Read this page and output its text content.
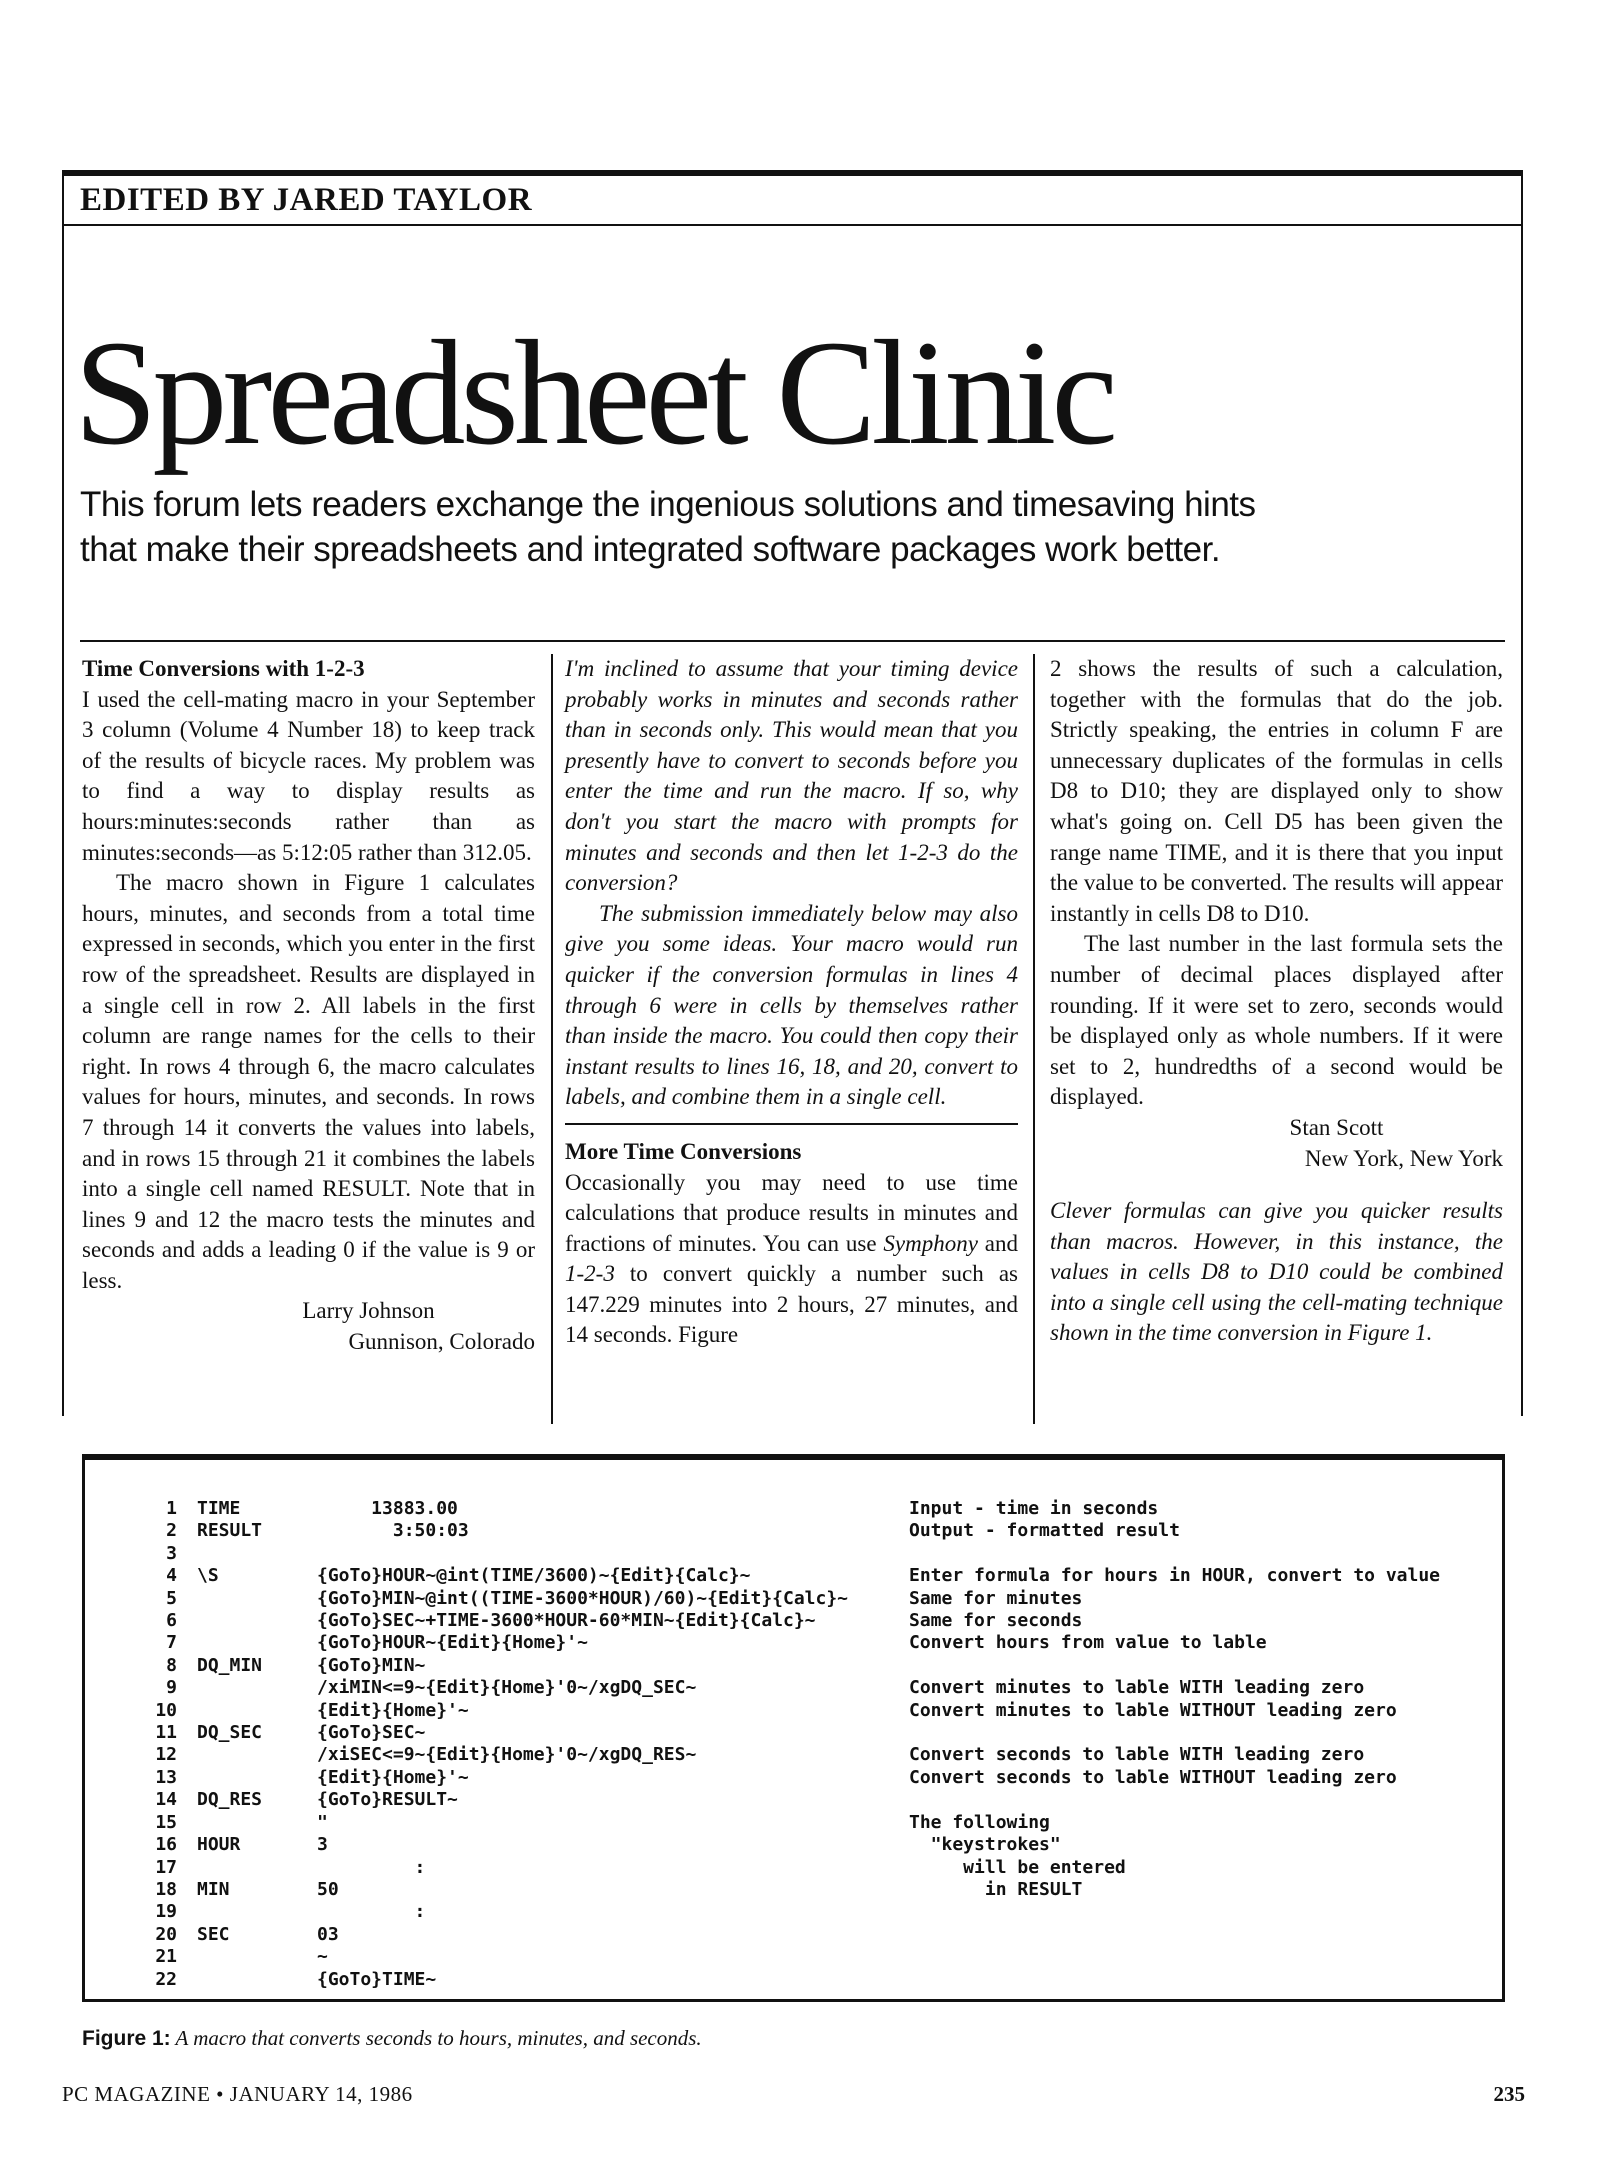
EDITED BY JARED TAYLOR
Spreadsheet Clinic
This forum lets readers exchange the ingenious solutions and timesaving hints that make their spreadsheets and integrated software packages work better.

Time Conversions with 1-2-3

I used the cell-mating macro in your September 3 column (Volume 4 Number 18) to keep track of the results of bicycle races. My problem was to find a way to display results as hours:minutes:seconds rather than as minutes:seconds—as 5:12:05 rather than 312.05.

The macro shown in Figure 1 calculates hours, minutes, and seconds from a total time expressed in seconds, which you enter in the first row of the spreadsheet. Results are displayed in a single cell in row 2. All labels in the first column are range names for the cells to their right. In rows 4 through 6, the macro calculates values for hours, minutes, and seconds. In rows 7 through 14 it converts the values into labels, and in rows 15 through 21 it combines the labels into a single cell named RESULT. Note that in lines 9 and 12 the macro tests the minutes and seconds and adds a leading 0 if the value is 9 or less.

Larry Johnson

Gunnison, Colorado

I'm inclined to assume that your timing device probably works in minutes and seconds rather than in seconds only. This would mean that you presently have to convert to seconds before you enter the time and run the macro. If so, why don't you start the macro with prompts for minutes and seconds and then let 1-2-3 do the conversion?

The submission immediately below may also give you some ideas. Your macro would run quicker if the conversion formulas in lines 4 through 6 were in cells by themselves rather than inside the macro. You could then copy their instant results to lines 16, 18, and 20, convert to labels, and combine them in a single cell.

More Time Conversions

Occasionally you may need to use time calculations that produce results in minutes and fractions of minutes. You can use Symphony and 1-2-3 to convert quickly a number such as 147.229 minutes into 2 hours, 27 minutes, and 14 seconds. Figure

2 shows the results of such a calculation, together with the formulas that do the job. Strictly speaking, the entries in column F are unnecessary duplicates of the formulas in cells D8 to D10; they are displayed only to show what's going on. Cell D5 has been given the range name TIME, and it is there that you input the value to be converted. The results will appear instantly in cells D8 to D10.

The last number in the last formula sets the number of decimal places displayed after rounding. If it were set to zero, seconds would be displayed only as whole numbers. If it were set to 2, hundredths of a second would be displayed.

Stan Scott

New York, New York

Clever formulas can give you quicker results than macros. However, in this instance, the values in cells D8 to D10 could be combined into a single cell using the cell-mating technique shown in the time conversion in Figure 1.

1	TIME	13883.00	Input - time in seconds
2	RESULT	3:50:03	Output - formatted result
3			
4	\S	{GoTo}HOUR~@int(TIME/3600)~{Edit}{Calc}~	Enter formula for hours in HOUR, convert to value
5		{GoTo}MIN~@int((TIME-3600*HOUR)/60)~{Edit}{Calc}~	Same for minutes
6		{GoTo}SEC~+TIME-3600*HOUR-60*MIN~{Edit}{Calc}~	Same for seconds
7		{GoTo}HOUR~{Edit}{Home}'~	Convert hours from value to lable
8	DQ_MIN	{GoTo}MIN~	
9		/xiMIN<=9~{Edit}{Home}'0~/xgDQ_SEC~	Convert minutes to lable WITH leading zero
10		{Edit}{Home}'~	Convert minutes to lable WITHOUT leading zero
11	DQ_SEC	{GoTo}SEC~	
12		/xiSEC<=9~{Edit}{Home}'0~/xgDQ_RES~	Convert seconds to lable WITH leading zero
13		{Edit}{Home}'~	Convert seconds to lable WITHOUT leading zero
14	DQ_RES	{GoTo}RESULT~	
15		"	The following
16	HOUR	3	"keystrokes"
17		:	will be entered
18	MIN	50	in RESULT
19		:	
20	SEC	03	
21		~	
22		{GoTo}TIME~	
Figure 1: A macro that converts seconds to hours, minutes, and seconds.
PC MAGAZINE • JANUARY 14, 1986	235
